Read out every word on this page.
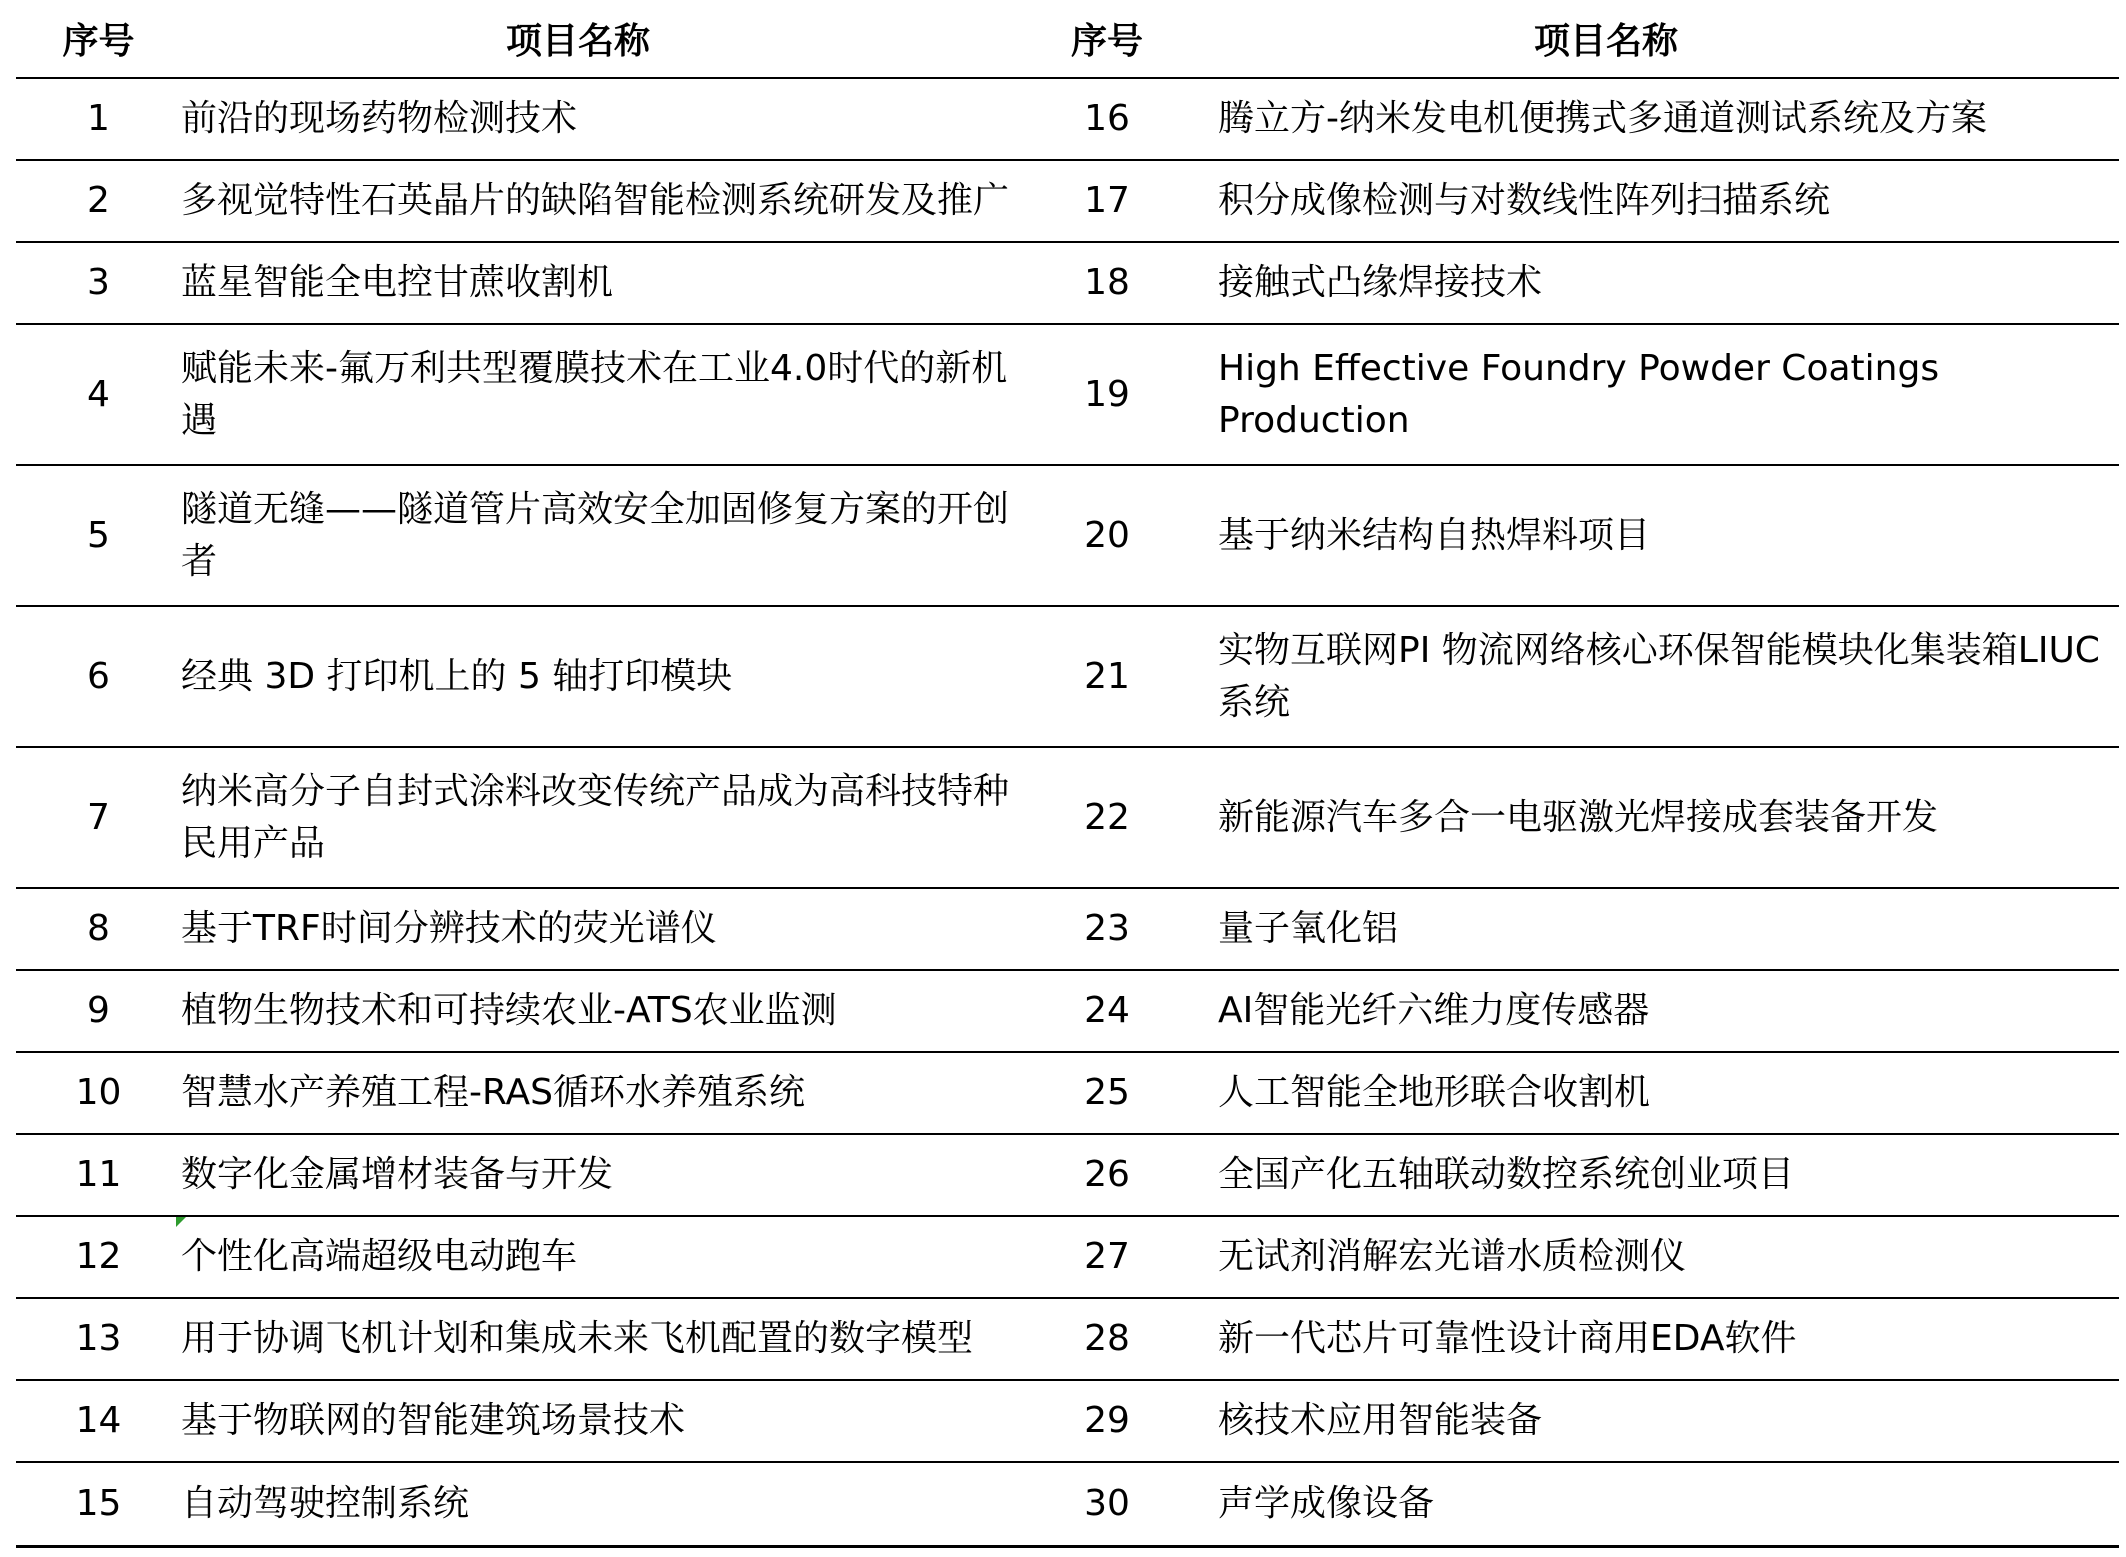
序号	项目名称	序号	项目名称
1	前沿的现场药物检测技术	16	腾立方-纳米发电机便携式多通道测试系统及方案
2	多视觉特性石英晶片的缺陷智能检测系统研发及推广	17	积分成像检测与对数线性阵列扫描系统
3	蓝星智能全电控甘蔗收割机	18	接触式凸缘焊接技术
4	赋能未来-氟万利共型覆膜技术在工业4.0时代的新机遇	19	High Effective Foundry Powder Coatings Production
5	隧道无缝——隧道管片高效安全加固修复方案的开创者	20	基于纳米结构自热焊料项目
6	经典 3D 打印机上的 5 轴打印模块	21	实物互联网PI 物流网络核心环保智能模块化集装箱LIUC系统
7	纳米高分子自封式涂料改变传统产品成为高科技特种民用产品	22	新能源汽车多合一电驱激光焊接成套装备开发
8	基于TRF时间分辨技术的荧光谱仪	23	量子氧化铝
9	植物生物技术和可持续农业-ATS农业监测	24	AI智能光纤六维力度传感器
10	智慧水产养殖工程-RAS循环水养殖系统	25	人工智能全地形联合收割机
11	数字化金属增材装备与开发	26	全国产化五轴联动数控系统创业项目
12	个性化高端超级电动跑车	27	无试剂消解宏光谱水质检测仪
13	用于协调飞机计划和集成未来飞机配置的数字模型	28	新一代芯片可靠性设计商用EDA软件
14	基于物联网的智能建筑场景技术	29	核技术应用智能装备
15	自动驾驶控制系统	30	声学成像设备
